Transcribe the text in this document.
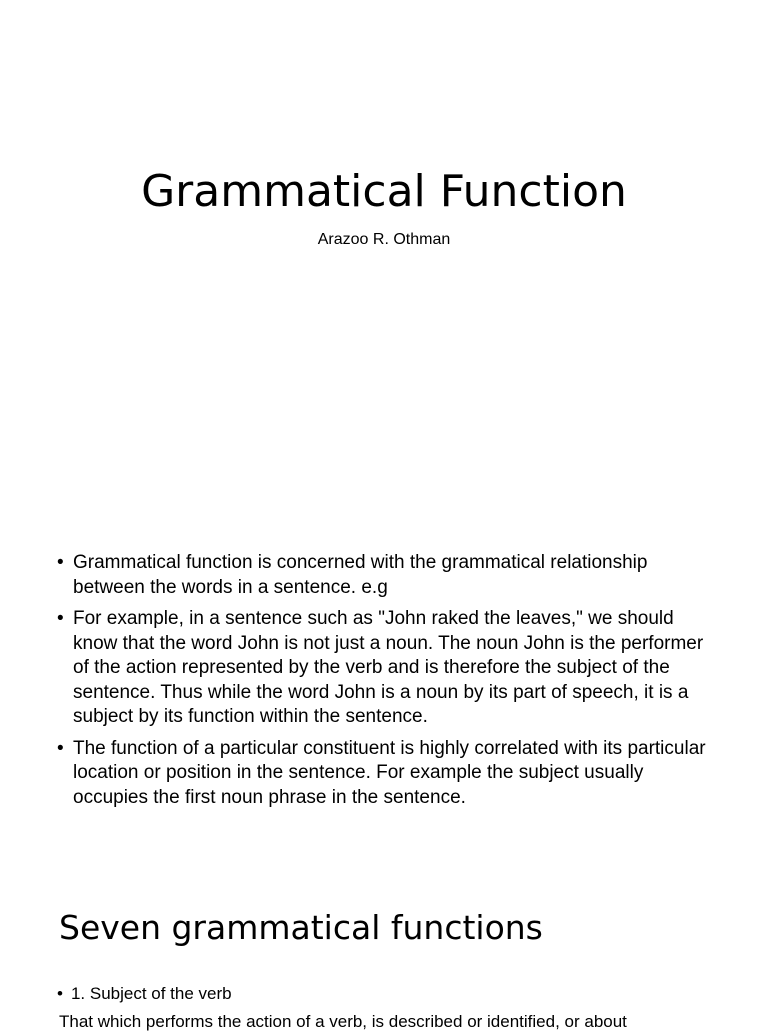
Grammatical Function
Arazoo R. Othman
• Grammatical function is concerned with the grammatical relationship between the words in a sentence. e.g
• For example, in a sentence such as "John raked the leaves," we should know that the word John is not just a noun. The noun John is the performer of the action represented by the verb and is therefore the subject of the sentence. Thus while the word John is a noun by its part of speech, it is a subject by its function within the sentence.
• The function of a particular constituent is highly correlated with its particular location or position in the sentence. For example the subject usually occupies the first noun phrase in the sentence.
Seven grammatical functions
• 1. Subject of the verb
That which performs the action of a verb, is described or identified, or about
